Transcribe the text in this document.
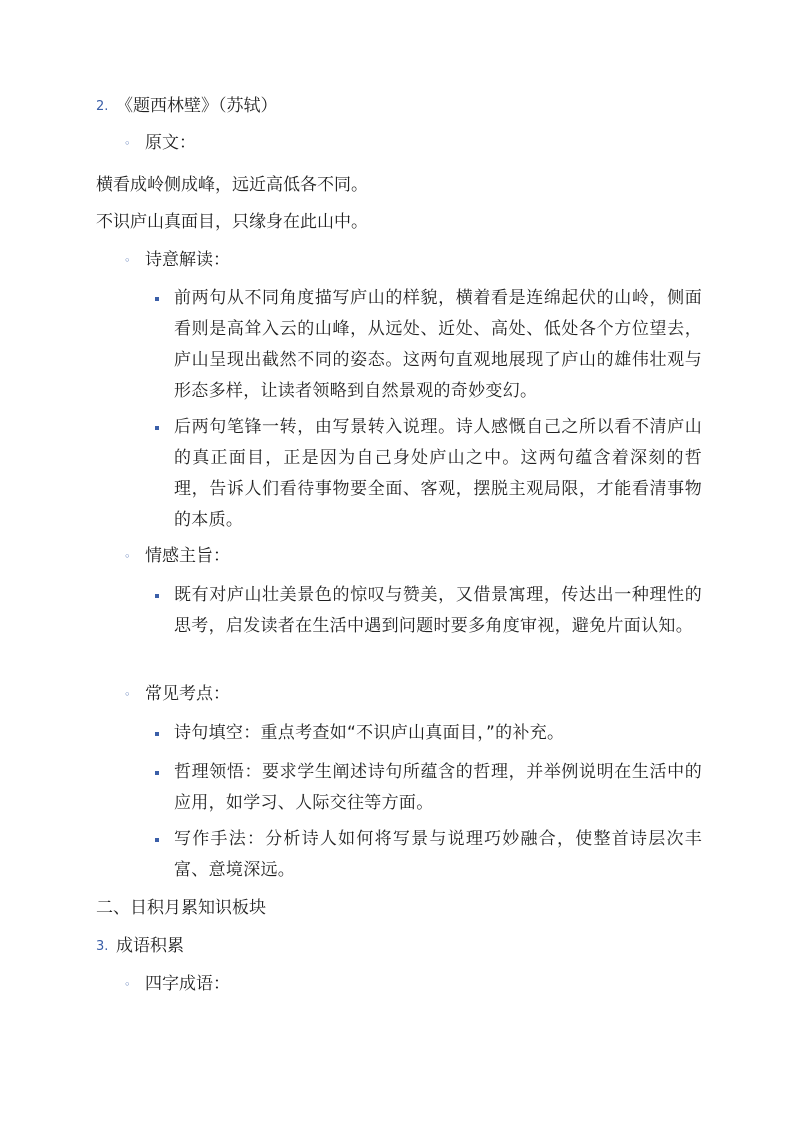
2. 《题西林壁》（苏轼）
◦ 原文：
横看成岭侧成峰，远近高低各不同。
不识庐山真面目，只缘身在此山中。
◦ 诗意解读：
前两句从不同角度描写庐山的样貌，横着看是连绵起伏的山岭，侧面看则是高耸入云的山峰，从远处、近处、高处、低处各个方位望去，庐山呈现出截然不同的姿态。这两句直观地展现了庐山的雄伟壮观与形态多样，让读者领略到自然景观的奇妙变幻。
后两句笔锋一转，由写景转入说理。诗人感慨自己之所以看不清庐山的真正面目，正是因为自己身处庐山之中。这两句蕴含着深刻的哲理，告诉人们看待事物要全面、客观，摆脱主观局限，才能看清事物的本质。
◦ 情感主旨：
既有对庐山壮美景色的惊叹与赞美，又借景寓理，传达出一种理性的思考，启发读者在生活中遇到问题时要多角度审视，避免片面认知。
◦ 常见考点：
诗句填空：重点考查如“不识庐山真面目，”的补充。
哲理领悟：要求学生阐述诗句所蕴含的哲理，并举例说明在生活中的应用，如学习、人际交往等方面。
写作手法：分析诗人如何将写景与说理巧妙融合，使整首诗层次丰富、意境深远。
二、日积月累知识板块
3. 成语积累
◦ 四字成语：
